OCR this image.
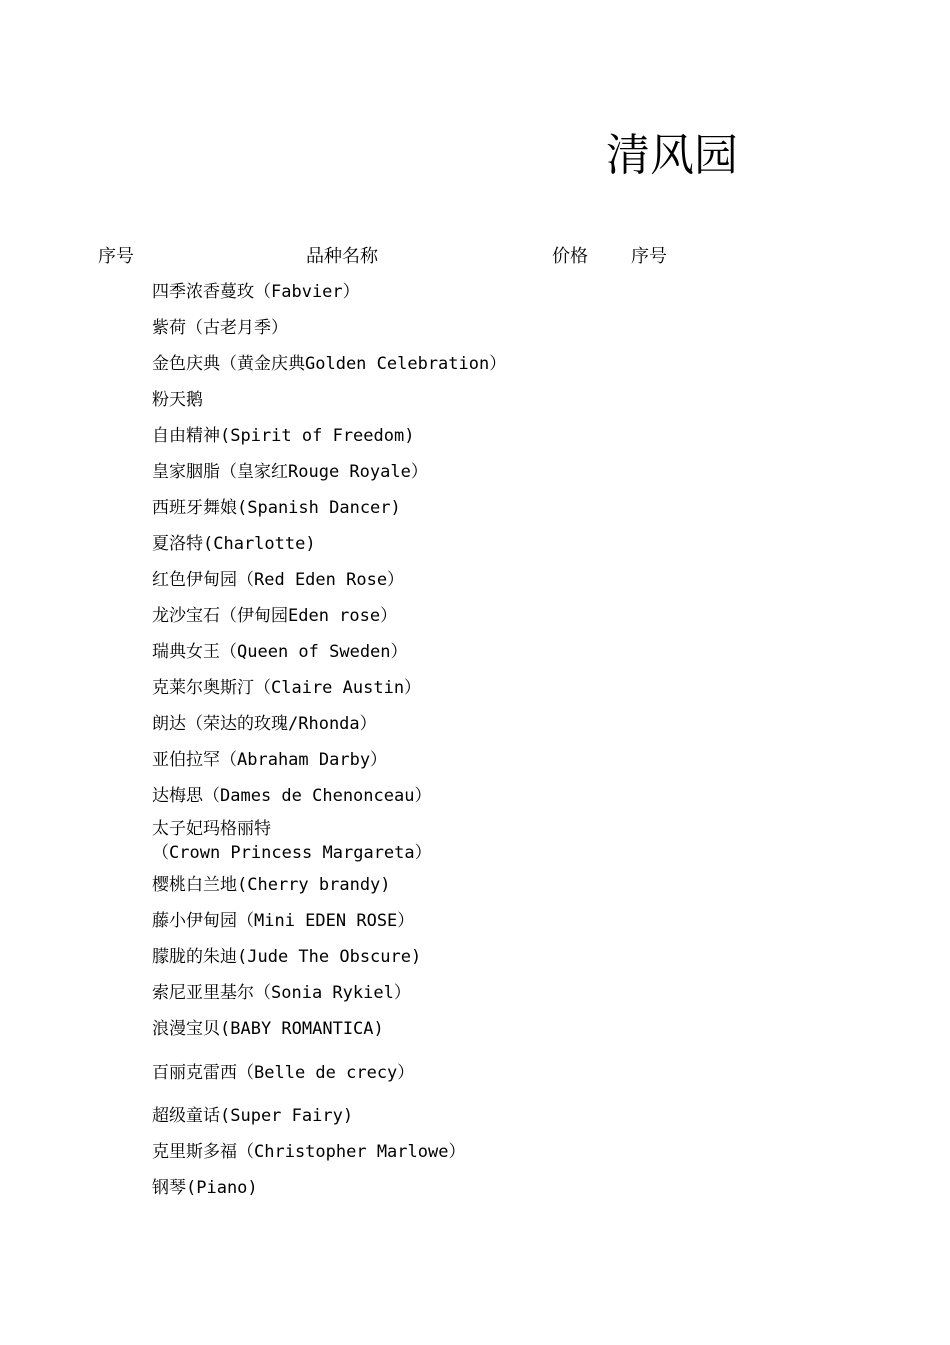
清风园
序号	品种名称	价格 序号
四季浓香蔓玫（Fabvier）
紫荷（古老月季）
金色庆典（黄金庆典Golden Celebration）
粉天鹅
自由精神(Spirit of Freedom)
皇家胭脂（皇家红Rouge Royale）
西班牙舞娘(Spanish Dancer)
夏洛特(Charlotte)
红色伊甸园（Red Eden Rose）
龙沙宝石（伊甸园Eden rose）
瑞典女王（Queen of Sweden）
克莱尔奥斯汀（Claire Austin）
朗达（荣达的玫瑰/Rhonda）
亚伯拉罕（Abraham Darby）
达梅思（Dames de Chenonceau）
太子妃玛格丽特
（Crown Princess Margareta）
樱桃白兰地(Cherry brandy)
藤小伊甸园（Mini EDEN ROSE）
朦胧的朱迪(Jude The Obscure)
索尼亚里基尔（Sonia Rykiel）
浪漫宝贝(BABY ROMANTICA)
百丽克雷西（Belle de crecy）
超级童话(Super Fairy)
克里斯多福（Christopher Marlowe）
钢琴(Piano)
